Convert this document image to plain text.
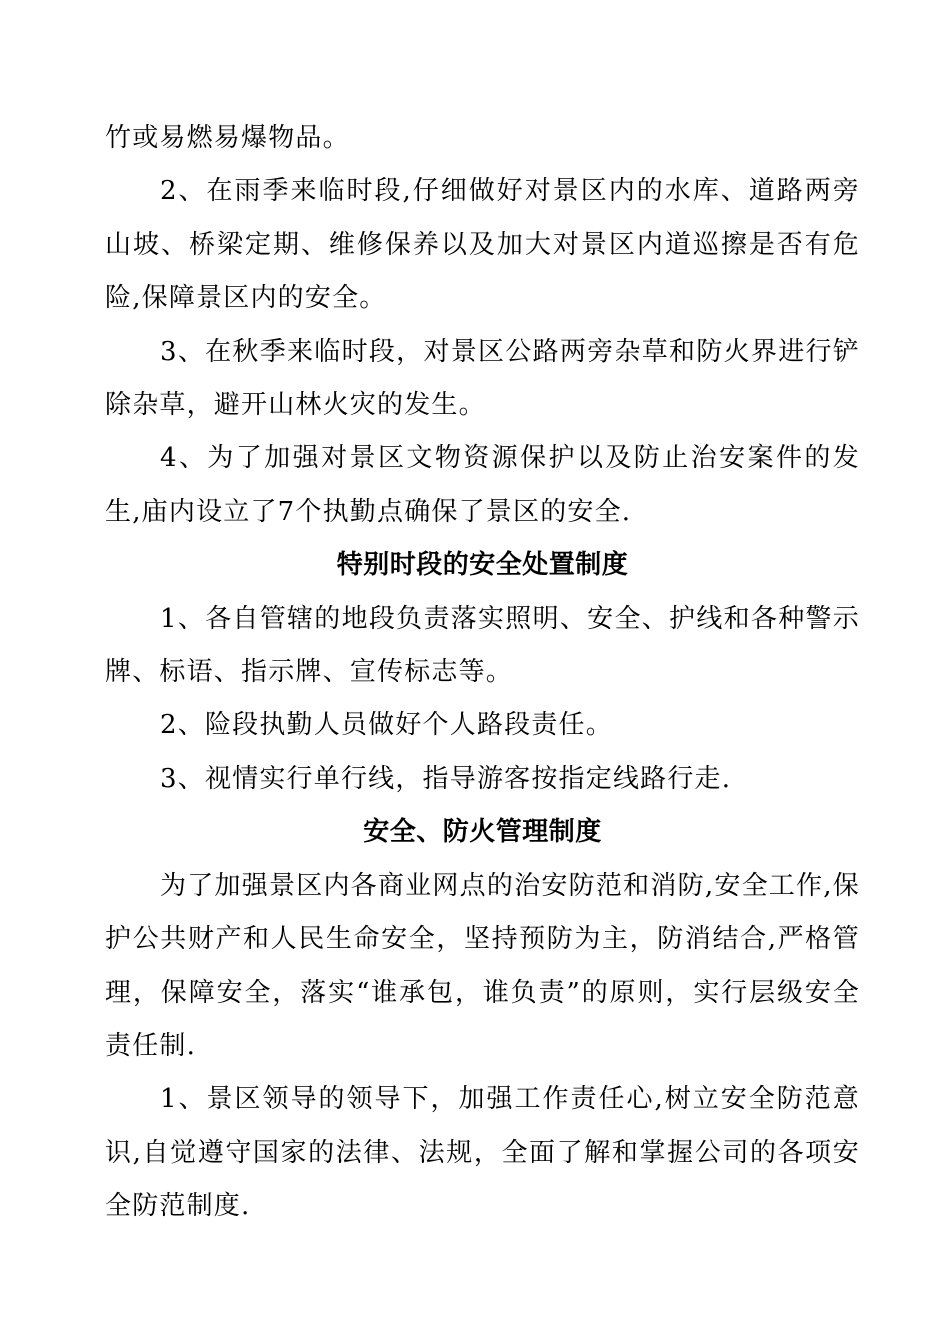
竹或易燃易爆物品。

2、在雨季来临时段,仔细做好对景区内的水库、道路两旁山坡、桥梁定期、维修保养以及加大对景区内道巡擦是否有危险,保障景区内的安全。

3、在秋季来临时段，对景区公路两旁杂草和防火界进行铲除杂草，避开山林火灾的发生。

4、为了加强对景区文物资源保护以及防止治安案件的发生,庙内设立了7个执勤点确保了景区的安全.

特别时段的安全处置制度

1、各自管辖的地段负责落实照明、安全、护线和各种警示牌、标语、指示牌、宣传标志等。

2、险段执勤人员做好个人路段责任。

3、视情实行单行线，指导游客按指定线路行走.

安全、防火管理制度

为了加强景区内各商业网点的治安防范和消防,安全工作,保护公共财产和人民生命安全，坚持预防为主，防消结合,严格管理，保障安全，落实“谁承包，谁负责”的原则，实行层级安全责任制.

1、景区领导的领导下，加强工作责任心,树立安全防范意识,自觉遵守国家的法律、法规，全面了解和掌握公司的各项安全防范制度.
